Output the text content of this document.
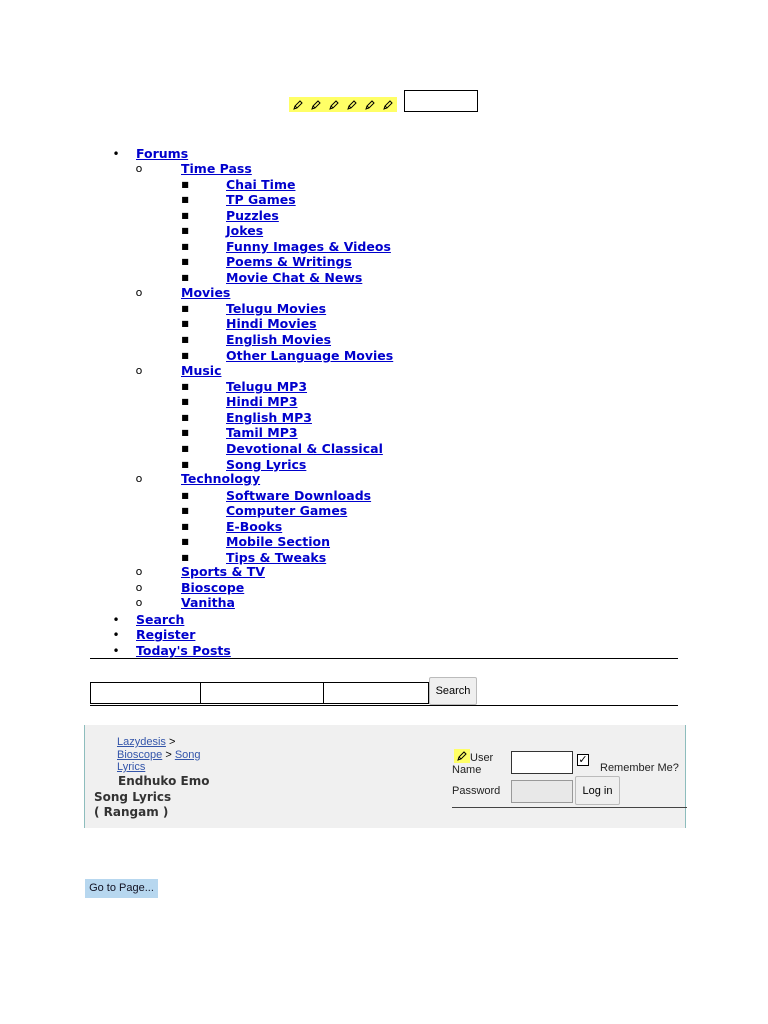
•	Forums
o	Time Pass
■	Chai Time
■	TP Games
■	Puzzles
■	Jokes
■	Funny Images & Videos
■	Poems & Writings
■	Movie Chat & News
o	Movies
■	Telugu Movies
■	Hindi Movies
■	English Movies
■	Other Language Movies
o	Music
■	Telugu MP3
■	Hindi MP3
■	English MP3
■	Tamil MP3
■	Devotional & Classical
■	Song Lyrics
o	Technology
■	Software Downloads
■	Computer Games
■	E-Books
■	Mobile Section
■	Tips & Tweaks
o	Sports & TV
o	Bioscope
o	Vanitha
•	Search
•	Register
•	Today's Posts
Search
Lazydesis >
Bioscope > Song
Lyrics
Endhuko Emo
Song Lyrics
( Rangam )
User
Name
✓
Remember Me?
Password	Log in
Go to Page...
